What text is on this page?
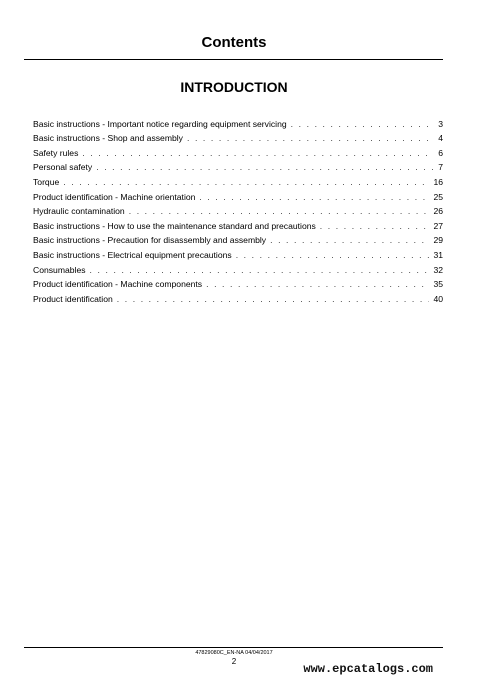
Contents
INTRODUCTION
Basic instructions - Important notice regarding equipment servicing . . .	3
Basic instructions - Shop and assembly . . .	4
Safety rules . . .	6
Personal safety . . .	7
Torque . . .	16
Product identification - Machine orientation . . .	25
Hydraulic contamination . . .	26
Basic instructions - How to use the maintenance standard and precautions . . .	27
Basic instructions - Precaution for disassembly and assembly . . .	29
Basic instructions - Electrical equipment precautions . . .	31
Consumables . . .	32
Product identification - Machine components . . .	35
Product identification . . .	40
47829080C_EN-NA 04/04/2017
2
www.epcatalogs.com
